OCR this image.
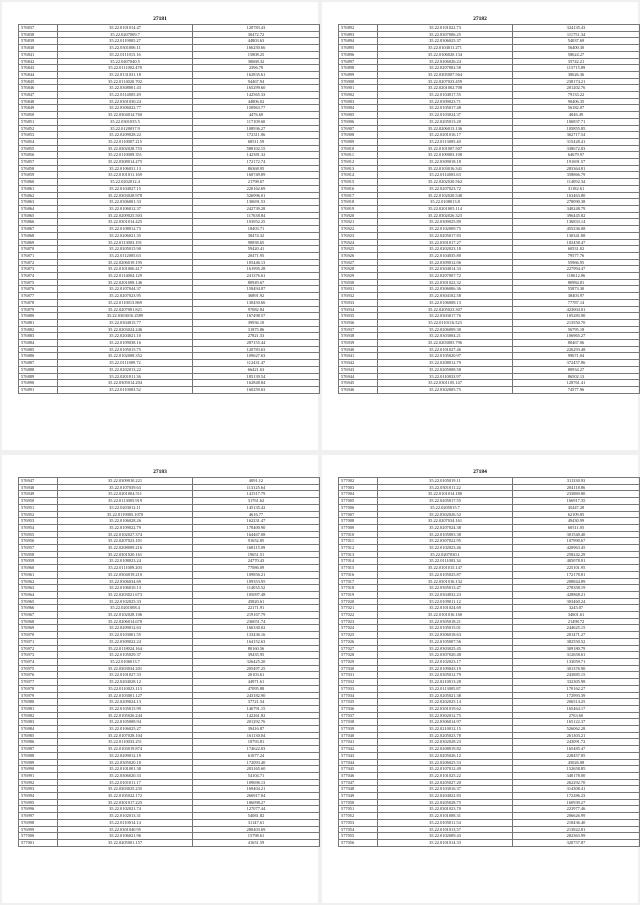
27181
576837	35.22.0101014.47	120783.43
576838	35.22.0207009.7	30472.72
576839	35.22.0119005.27	44803.63
576840	35.22.0301006.11	166250.66
576841	35.22.0111015.16	15808.25
576842	35.22.0407040.5	30668.32
576843	35.22.0111002.478	2396.79
576844	35.22.0131031.18	162835.61
576845	35.22.0114020.702	94467.94
576846	35.22.0308001.43	165299.60
576847	35.22.0114005.49	142565.33
576848	35.22.0301030.24	44806.02
576849	35.22.0306022.77	150963.77
576850	35.22.0304014.760	4476.60
576851	35.22.0301035.5	117109.60
576852	35.22.0120037.9	108936.27
576853	35.22.0209028.22	172311.06
576854	35.22.0110007.215	68511.59
576855	35.22.0302028.753	588102.15
576856	35.22.0110009.351	142381.32
576857	35.22.0308014.475	172172.74
576858	35.22.0106031.13	86368.95
576859	35.22.0101011.169	160749.89
576860	35.22.0202012.4	21798.67
576861	35.22.0104027.15	220162.69
576862	35.22.0303028.978	526996.01
576863	35.22.0306001.33	130691.53
576864	35.22.0106012.37	242739.28
576865	35.22.0209025.503	117638.84
576866	35.22.0301014.425	103952.25
576867	35.22.0108012.73	18403.71
576868	35.22.0206021.35	38474.32
576869	35.22.0113003.191	90838.65
576870	35.22.0205015.90	59420.41
576871	35.22.0112005.63	20471.95
576872	35.22.0206019.195	105446.13
576873	35.22.0101006.417	161995.28
576874	35.22.0114004.129	241376.61
576875	35.22.0201008.146	80949.67
576876	35.22.0107044.37	158494.87
576877	35.22.0207023.95	36891.92
576878	35.22.0110013.869	130450.66
576879	35.22.0207001.821	97082.84
576880	35.22.0303016.2589	167498.57
576881	35.22.0304015.77	39936.10
576882	35.22.0203024.246	31875.86
576883	35.22.0204021.10	27821.53
576884	35.22.0109038.16	287155.44
576885	35.22.0105015.75	120783.63
576886	35.22.0102008.352	109627.63
576887	35.22.0111009.72	112431.47
576888	35.22.0202013.22	66421.63
576889	35.22.0201011.36	185139.54
576890	35.22.0305014.204	162848.84
576891	35.22.0110003.52	160259.63
27182
576892	35.22.0101022.73	324135.43
576893	35.22.0307006.25	111751.34
576894	35.22.0306025.37	54037.69
576895	35.22.0104011.271	56400.30
576896	35.22.0106020.134	58624.27
576897	35.22.0206026.24	35742.21
576898	35.22.0207002.58	115715.89
576899	35.22.0305007.564	38626.36
576900	35.22.0207023.459	238174.21
576901	35.22.0201002.708	201202.76
576902	35.22.0104017.55	79133.22
576903	35.22.0309023.71	90406.35
576904	35.22.0105017.48	56182.07
576905	35.22.0103024.37	4846.49
576906	35.22.0205013.20	106837.71
576907	35.22.0206013.136	105855.85
576908	35.22.0201016.17	362717.54
576909	35.22.0113005.40	315428.41
576910	35.22.0101007.507	338672.03
576911	35.22.0109003.108	64679.97
576912	35.22.0309018.18	191691.57
576913	35.22.0103016.341	283364.81
576914	35.22.0114003.63	358866.79
576915	35.22.0202020.562	114092.34
576916	35.22.0207023.72	31182.61
576917	35.22.0102020.548	163463.80
576918	35.22.0108013.8	278090.38
576919	35.22.0201005.114	340248.79
576920	35.22.0302026.323	396445.82
576921	35.22.0309025.89	136833.14
576922	35.22.0102009.75	455236.08
576923	35.22.0205017.83	130341.88
576924	35.22.0301017.27	182458.47
576925	35.22.0202023.18	60531.02
576926	35.22.0104035.80	79577.76
576927	35.22.0309012.06	55966.95
576928	35.22.0304014.33	227994.47
576929	35.22.0207007.72	118612.06
576930	35.22.0301022.32	80984.81
576931	35.22.0306006.36	55873.30
576932	35.22.0304102.58	38403.97
576933	35.22.0106008.13	77787.14
576934	35.22.0205023.307	423004.01
576935	35.22.0303017.76	105283.90
576936	35.22.0110116.523	213550.70
576937	35.22.0206009.30	56795.18
576938	35.22.0303004.21	106965.27
576939	35.22.0203005.796	80467.06
576940	35.22.0101027.46	226293.48
576941	35.22.0105020.97	99671.04
576942	35.22.0208012.79	372457.86
576943	35.22.0205008.58	80934.27
576944	35.22.0110033.97	86502.13
576945	35.22.0301105.147	128761.41
576946	35.22.0302005.75	74577.96
27183
576947	35.22.0309010.221	4091.12
576948	35.22.0107039.63	113125.64
576949	35.22.0201004.511	141517.79
576950	35.22.0113005.919	31761.62
576951	35.22.0203012.11	145135.42
576952	35.22.0119005.1070	4616.77
576953	35.22.0106028.26	162231.47
576954	35.22.0109022.79	170400.90
576955	35.22.0102027.374	164467.08
576956	35.22.0207023.101	91652.85
576957	35.22.0208009.216	168115.09
576958	35.22.0301020.161	19651.51
576959	35.22.0108023.24	24770.43
576960	35.22.0111009.203	77086.09
576961	35.22.0304019.210	109856.21
576962	35.22.0306034.69	109353.95
576963	35.22.0106010.13	114035.52
576964	35.22.0203021.673	105097.48
576965	35.22.0102025.33	45820.61
576966	35.22.0201008.4	22171.91
576967	35.22.0102028.106	219167.79
576968	35.22.0206014.670	236051.74
576969	35.22.0209012.63	166330.02
576970	35.22.0103001.55	133436.16
576971	35.22.0309022.24	164152.63
576972	35.22.0118024.164	80160.56
576973	35.22.0105029.37	39435.95
576974	35.22.0106013.7	326425.20
576975	35.22.0303034.201	205497.25
576976	35.22.0101027.33	20103.61
576977	35.22.0204028.12	44971.61
576978	35.22.0110023.113	47095.88
576979	35.22.0103001.127	243182.90
576980	35.22.0209024.13	37721.54
576981	35.22.0105015.99	146791.15
576982	35.22.0105026.244	142261.82
576983	35.22.0105008.94	201292.76
576984	35.22.0106025.27	39416.87
576985	35.22.0107028.104	161130.04
576986	35.22.0110033.251	18793.81
576987	35.22.0103019.874	174622.03
576988	35.22.0209012.19	61077.24
576989	35.22.0305020.18	172093.40
576990	35.22.0101001.38	203165.60
576991	35.22.0306020.33	54104.71
576992	35.22.0101011.17	109696.13
576993	35.22.0303025.235	169404.21
576994	35.22.0105022.172	266917.04
576995	35.22.0301017.225	186098.27
576996	35.22.0102021.74	127077.44
576997	35.22.0102013.31	54081.82
576998	35.22.0110014.14	31147.61
576999	35.22.0301040.95	280403.69
577000	35.22.0106021.96	15798.61
577001	35.22.0205001.157	41651.59
27184
577002	35.22.0105019.11	311330.93
577003	35.22.0301011.22	204118.86
577004	35.22.0101014.180	233869.80
577005	35.22.0205017.55	166917.35
577006	35.22.0205015.7	45447.28
577007	35.22.0302026.52	62109.85
577008	35.22.0207034.161	49430.99
577009	35.22.0207024.38	60511.05
577010	35.22.0105003.38	301540.40
577011	35.22.0307022.95	107990.67
577012	35.22.0102023.46	420963.45
577013	35.22.0207030.1	258242.29
577014	35.22.0111003.34	405078.01
577015	35.22.0101015.147	225101.95
577016	35.22.0105025.87	172178.81
577017	35.22.0301016.132	208844.89
577018	35.22.0305013.47	278358.19
577019	35.22.0304032.23	428868.21
577020	35.22.0109011.12	303460.24
577021	35.22.0101024.69	3245.07
577022	35.22.0101016.160	34601.61
577023	35.22.0305018.21	21498.72
577024	35.22.0105015.01	244625.15
577025	35.22.0306018.63	201471.27
577026	35.22.0105007.56	382550.52
577027	35.22.0303025.45	309180.79
577028	35.22.0307020.48	312658.61
577029	35.22.0102023.17	133059.71
577030	35.22.0109043.19	301376.90
577031	35.22.0305012.79	243885.15
577032	35.22.0210013.28	332305.98
577033	35.22.0113005.87	170162.27
577034	35.22.0205021.38	172993.39
577035	35.22.0202025.14	206514.25
577036	35.22.0301019.62	165464.17
577037	35.22.0302012.75	2763.60
577038	35.22.0306014.97	165122.37
577039	35.22.0210012.15	526062.28
577040	35.22.0205023.78	261303.21
577041	35.22.0302028.23	243091.72
577042	35.22.0208019.82	165485.47
577043	35.22.0205026.12	228457.85
577044	35.22.0206025.53	45026.08
577045	35.22.0107012.49	152658.85
577046	35.22.0101025.22	340178.00
577047	35.22.0205027.20	262292.70
577048	35.22.0103016.37	314308.41
577049	35.22.0204022.83	172286.23
577050	35.22.0205028.75	160939.27
577051	35.22.0301023.70	223977.46
577052	35.22.0101008.31	206626.99
577053	35.22.0105011.54	218436.40
577054	35.22.0101013.57	213822.81
577055	35.22.0102009.43	282363.99
577056	35.22.0101014.33	320757.87
